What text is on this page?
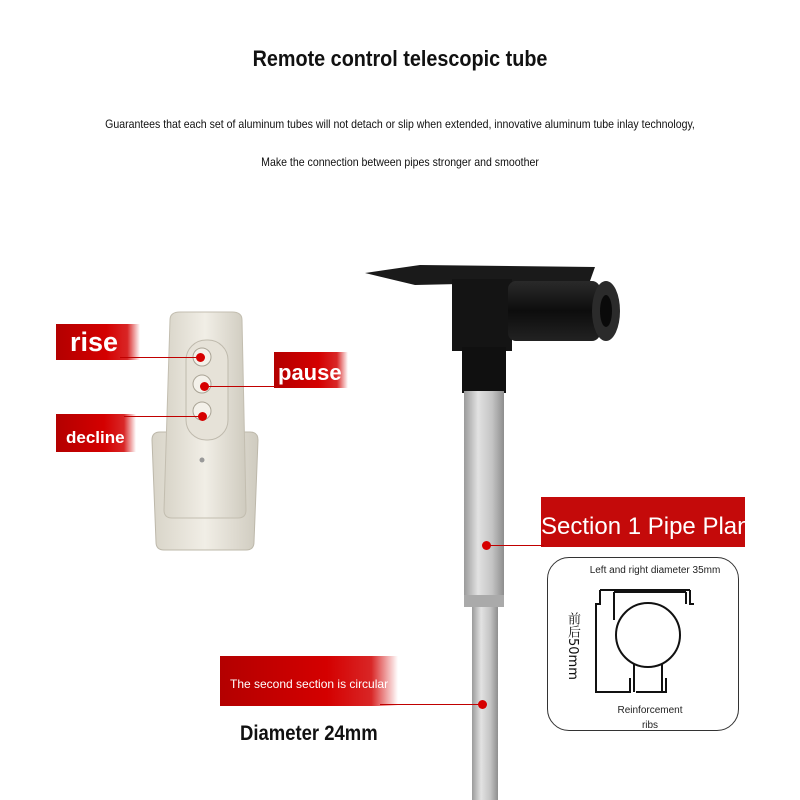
Remote control telescopic tube
Guarantees that each set of aluminum tubes will not detach or slip when extended, innovative aluminum tube inlay technology,
Make the connection between pipes stronger and smoother
rise
pause
decline
Section 1 Pipe Plan
Left and right diameter 35mm
前后50mm
Reinforcement
ribs
The second section is circular
Diameter 24mm
